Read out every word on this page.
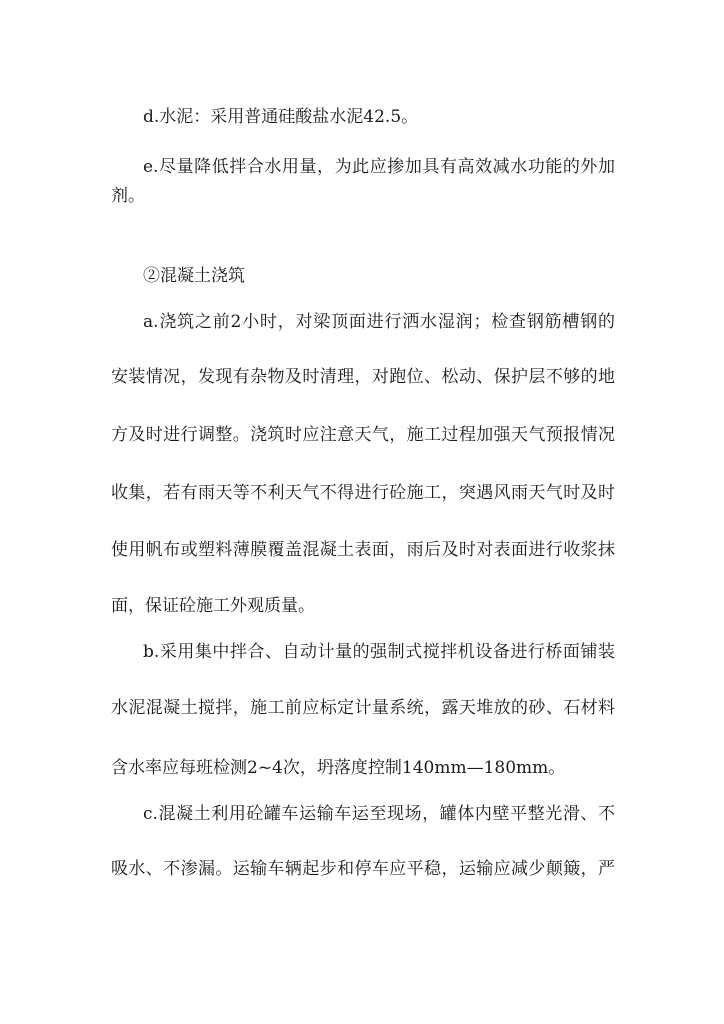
d.水泥：采用普通硅酸盐水泥42.5。
e.尽量降低拌合水用量，为此应掺加具有高效减水功能的外加
剂。
②混凝土浇筑
a.浇筑之前2小时，对梁顶面进行洒水湿润；检查钢筋槽钢的
安装情况，发现有杂物及时清理，对跑位、松动、保护层不够的地
方及时进行调整。浇筑时应注意天气，施工过程加强天气预报情况
收集，若有雨天等不利天气不得进行砼施工，突遇风雨天气时及时
使用帆布或塑料薄膜覆盖混凝土表面，雨后及时对表面进行收浆抹
面，保证砼施工外观质量。
b.采用集中拌合、自动计量的强制式搅拌机设备进行桥面铺装
水泥混凝土搅拌，施工前应标定计量系统，露天堆放的砂、石材料
含水率应每班检测2~4次，坍落度控制140mm—180mm。
c.混凝土利用砼罐车运输车运至现场，罐体内壁平整光滑、不
吸水、不渗漏。运输车辆起步和停车应平稳，运输应减少颠簸，严
